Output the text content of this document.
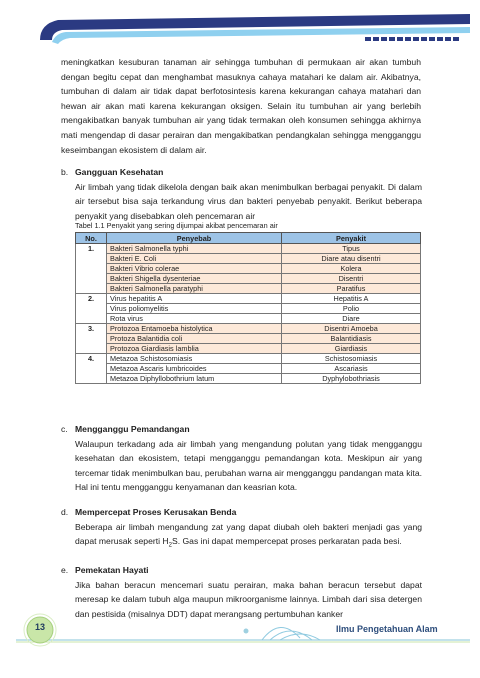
meningkatkan kesuburan tanaman air sehingga tumbuhan di permukaan air akan tumbuh dengan begitu cepat dan menghambat masuknya cahaya matahari ke dalam air. Akibatnya, tumbuhan di dalam air tidak dapat berfotosintesis karena kekurangan cahaya matahari dan hewan air akan mati karena kekurangan oksigen. Selain itu tumbuhan air yang berlebih mengakibatkan banyak tumbuhan air yang tidak termakan oleh konsumen sehingga akhirnya mati mengendap di dasar perairan dan mengakibatkan pendangkalan sehingga mengganggu keseimbangan ekosistem di dalam air.

b. Gangguan Kesehatan
Air limbah yang tidak dikelola dengan baik akan menimbulkan berbagai penyakit. Di dalam air tersebut bisa saja terkandung virus dan bakteri penyebab penyakit. Berikut beberapa penyakit yang disebabkan oleh pencemaran air
Tabel 1.1 Penyakit yang sering dijumpai akibat pencemaran air
No.	Penyebab	Penyakit
1.	Bakteri Salmonella typhi	Tipus
	Bakteri E. Coli	Diare atau disentri
	Bakteri Vibrio colerae	Kolera
	Bakteri Shigella dysenteriae	Disentri
	Bakteri Salmonella paratyphi	Paratifus
2.	Virus hepatitis A	Hepatitis A
	Virus poliomyelitis	Polio
	Rota virus	Diare
3.	Protozoa Entamoeba histolytica	Disentri Amoeba
	Protoza Balantidia coli	Balantidiasis
	Protozoa Giardiasis lamblia	Giardiasis
4.	Metazoa Schistosomiasis	Schistosomiasis
	Metazoa Ascaris lumbricoides	Ascariasis
	Metazoa Diphyllobothrium latum	Dyphylobothriasis
c. Mengganggu Pemandangan
Walaupun terkadang ada air limbah yang mengandung polutan yang tidak mengganggu kesehatan dan ekosistem, tetapi mengganggu pemandangan kota. Meskipun air yang tercemar tidak menimbulkan bau, perubahan warna air mengganggu pandangan mata kita. Hal ini tentu mengganggu kenyamanan dan keasrian kota.
d. Mempercepat Proses Kerusakan Benda
Beberapa air limbah mengandung zat yang dapat diubah oleh bakteri menjadi gas yang dapat merusak seperti $H_2S$. Gas ini dapat mempercepat proses perkaratan pada besi.
e. Pemekatan Hayati
Jika bahan beracun mencemari suatu perairan, maka bahan beracun tersebut dapat meresap ke dalam tubuh alga maupun mikroorganisme lainnya. Limbah dari sisa detergen dan pestisida (misalnya DDT) dapat merangsang pertumbuhan kanker
13	Ilmu Pengetahuan Alam
